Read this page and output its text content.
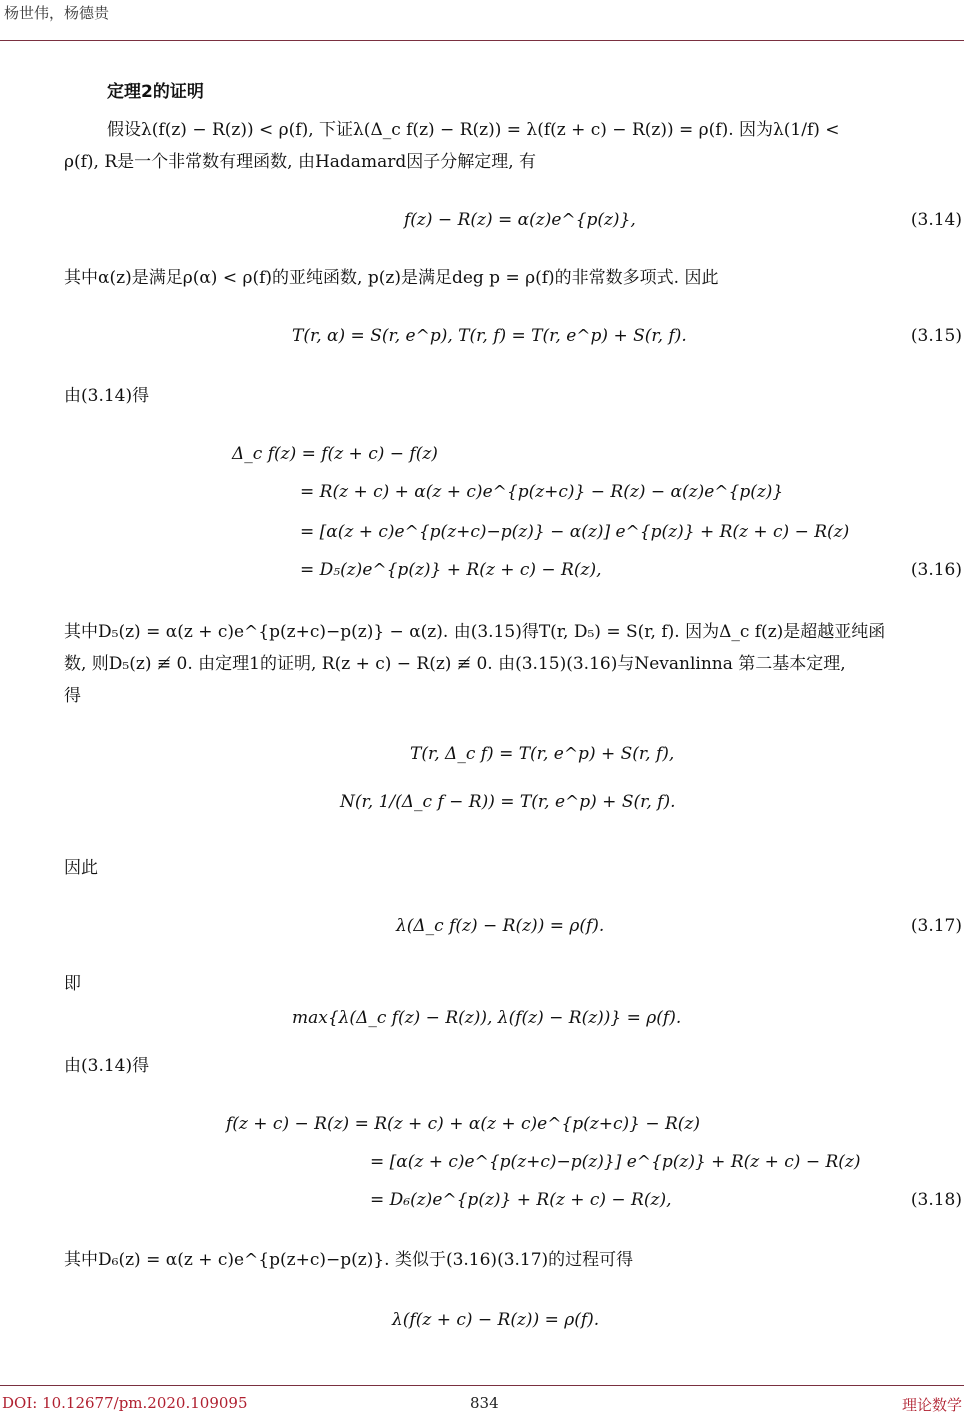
杨世伟，杨德贵
定理2的证明
假设λ(f(z) − R(z)) < ρ(f), 下证λ(Δ_c f(z) − R(z)) = λ(f(z + c) − R(z)) = ρ(f). 因为λ(1/f) <
ρ(f), R是一个非常数有理函数, 由Hadamard因子分解定理, 有
f(z) − R(z) = α(z)e^{p(z)},	(3.14)
其中α(z)是满足ρ(α) < ρ(f)的亚纯函数, p(z)是满足deg p = ρ(f)的非常数多项式. 因此
T(r, α) = S(r, e^p), T(r, f) = T(r, e^p) + S(r, f).	(3.15)
由(3.14)得
Δ_c f(z) = f(z + c) − f(z)
= R(z + c) + α(z + c)e^{p(z+c)} − R(z) − α(z)e^{p(z)}
= [α(z + c)e^{p(z+c)−p(z)} − α(z)] e^{p(z)} + R(z + c) − R(z)
= D₅(z)e^{p(z)} + R(z + c) − R(z),	(3.16)
其中D₅(z) = α(z + c)e^{p(z+c)−p(z)} − α(z). 由(3.15)得T(r, D₅) = S(r, f). 因为Δ_c f(z)是超越亚纯函
数, 则D₅(z) ≢ 0. 由定理1的证明, R(z + c) − R(z) ≢ 0. 由(3.15)(3.16)与Nevanlinna 第二基本定理,
得
T(r, Δ_c f) = T(r, e^p) + S(r, f),
N(r, 1/(Δ_c f − R)) = T(r, e^p) + S(r, f).
因此
λ(Δ_c f(z) − R(z)) = ρ(f).	(3.17)
即
max{λ(Δ_c f(z) − R(z)), λ(f(z) − R(z))} = ρ(f).
由(3.14)得
f(z + c) − R(z) = R(z + c) + α(z + c)e^{p(z+c)} − R(z)
= [α(z + c)e^{p(z+c)−p(z)}] e^{p(z)} + R(z + c) − R(z)
= D₆(z)e^{p(z)} + R(z + c) − R(z),	(3.18)
其中D₆(z) = α(z + c)e^{p(z+c)−p(z)}. 类似于(3.16)(3.17)的过程可得
λ(f(z + c) − R(z)) = ρ(f).
DOI: 10.12677/pm.2020.109095	834	理论数学
